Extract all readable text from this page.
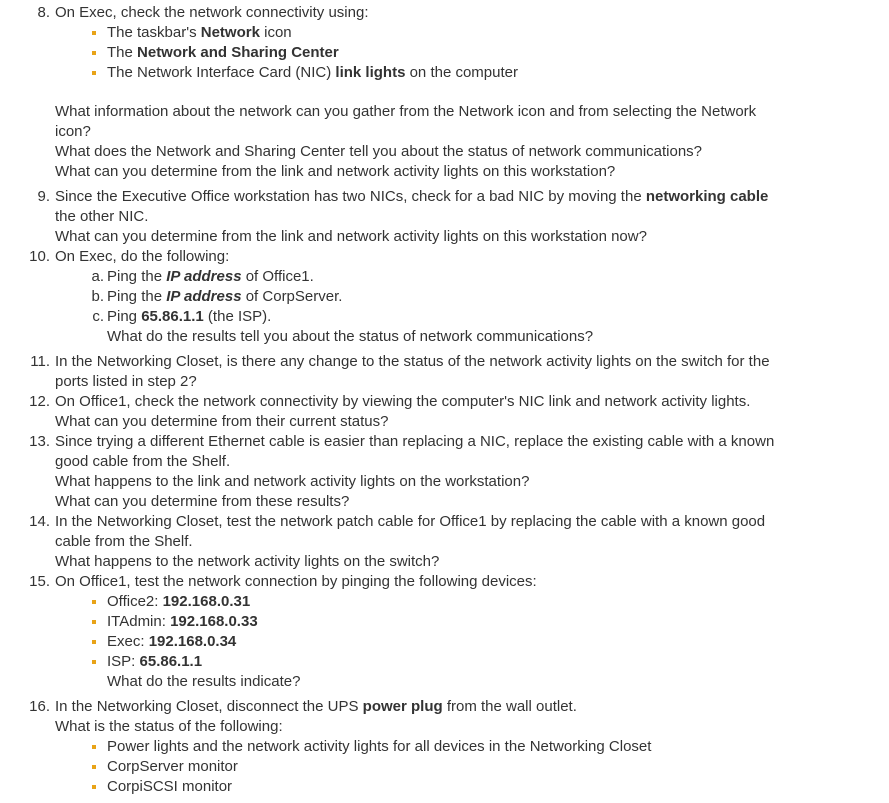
8. On Exec, check the network connectivity using:
The taskbar's Network icon
The Network and Sharing Center
The Network Interface Card (NIC) link lights on the computer
What information about the network can you gather from the Network icon and from selecting the Network
icon?
What does the Network and Sharing Center tell you about the status of network communications?
What can you determine from the link and network activity lights on this workstation?
9. Since the Executive Office workstation has two NICs, check for a bad NIC by moving the networking cable
the other NIC.
What can you determine from the link and network activity lights on this workstation now?
10. On Exec, do the following:
a. Ping the IP address of Office1.
b. Ping the IP address of CorpServer.
c. Ping 65.86.1.1 (the ISP).
What do the results tell you about the status of network communications?
11. In the Networking Closet, is there any change to the status of the network activity lights on the switch for the
ports listed in step 2?
12. On Office1, check the network connectivity by viewing the computer's NIC link and network activity lights.
What can you determine from their current status?
13. Since trying a different Ethernet cable is easier than replacing a NIC, replace the existing cable with a known
good cable from the Shelf.
What happens to the link and network activity lights on the workstation?
What can you determine from these results?
14. In the Networking Closet, test the network patch cable for Office1 by replacing the cable with a known good
cable from the Shelf.
What happens to the network activity lights on the switch?
15. On Office1, test the network connection by pinging the following devices:
Office2: 192.168.0.31
ITAdmin: 192.168.0.33
Exec: 192.168.0.34
ISP: 65.86.1.1
What do the results indicate?
16. In the Networking Closet, disconnect the UPS power plug from the wall outlet.
What is the status of the following:
Power lights and the network activity lights for all devices in the Networking Closet
CorpServer monitor
CorpiSCSI monitor
